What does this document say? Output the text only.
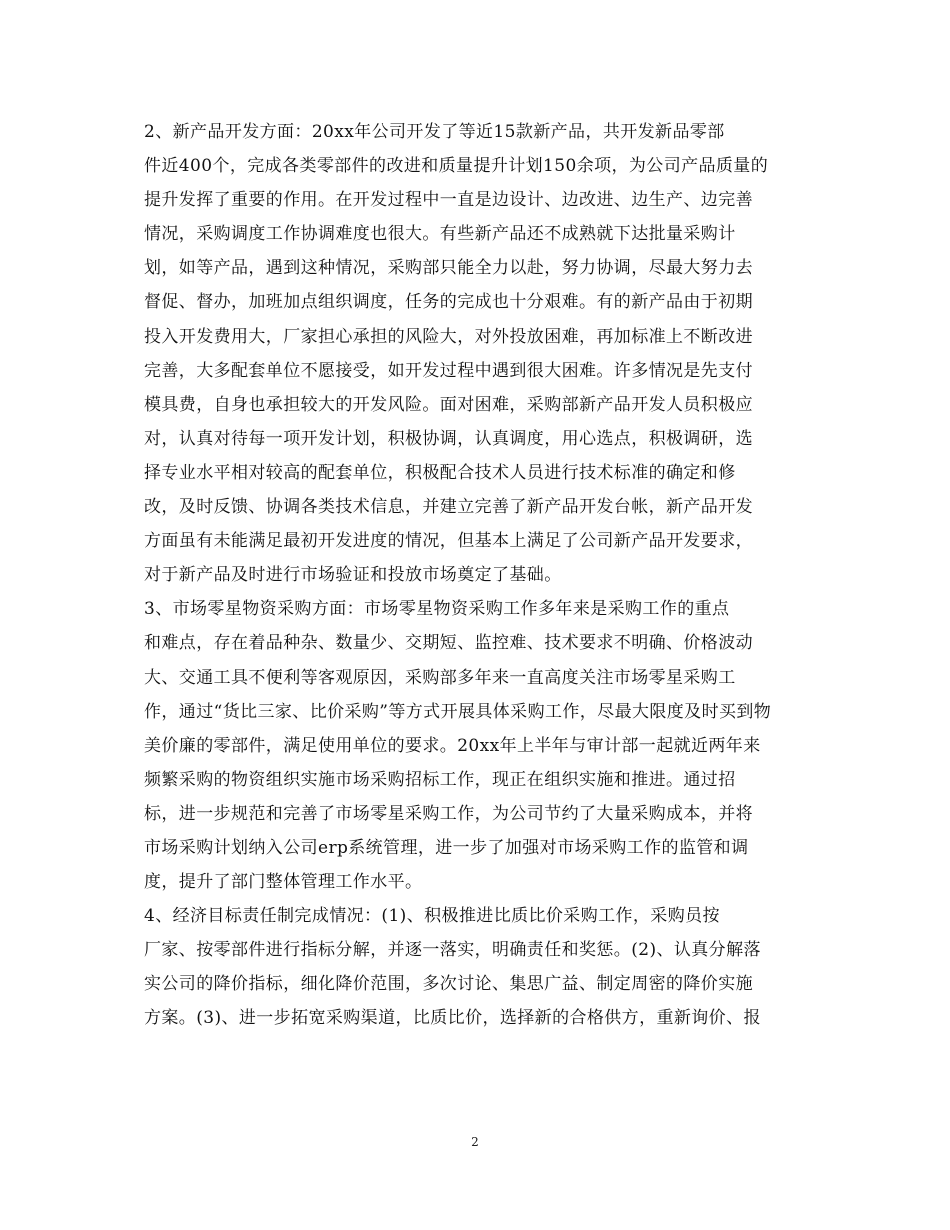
2、新产品开发方面：20xx年公司开发了等近15款新产品，共开发新品零部
件近400个，完成各类零部件的改进和质量提升计划150余项，为公司产品质量的
提升发挥了重要的作用。在开发过程中一直是边设计、边改进、边生产、边完善
情况，采购调度工作协调难度也很大。有些新产品还不成熟就下达批量采购计
划，如等产品，遇到这种情况，采购部只能全力以赴，努力协调，尽最大努力去
督促、督办，加班加点组织调度，任务的完成也十分艰难。有的新产品由于初期
投入开发费用大，厂家担心承担的风险大，对外投放困难，再加标准上不断改进
完善，大多配套单位不愿接受，如开发过程中遇到很大困难。许多情况是先支付
模具费，自身也承担较大的开发风险。面对困难，采购部新产品开发人员积极应
对，认真对待每一项开发计划，积极协调，认真调度，用心选点，积极调研，选
择专业水平相对较高的配套单位，积极配合技术人员进行技术标准的确定和修
改，及时反馈、协调各类技术信息，并建立完善了新产品开发台帐，新产品开发
方面虽有未能满足最初开发进度的情况，但基本上满足了公司新产品开发要求，
对于新产品及时进行市场验证和投放市场奠定了基础。

3、市场零星物资采购方面：市场零星物资采购工作多年来是采购工作的重点
和难点，存在着品种杂、数量少、交期短、监控难、技术要求不明确、价格波动
大、交通工具不便利等客观原因，采购部多年来一直高度关注市场零星采购工
作，通过“货比三家、比价采购”等方式开展具体采购工作，尽最大限度及时买到物
美价廉的零部件，满足使用单位的要求。20xx年上半年与审计部一起就近两年来
频繁采购的物资组织实施市场采购招标工作，现正在组织实施和推进。通过招
标，进一步规范和完善了市场零星采购工作，为公司节约了大量采购成本，并将
市场采购计划纳入公司erp系统管理，进一步了加强对市场采购工作的监管和调
度，提升了部门整体管理工作水平。

4、经济目标责任制完成情况：(1)、积极推进比质比价采购工作，采购员按
厂家、按零部件进行指标分解，并逐一落实，明确责任和奖惩。(2)、认真分解落
实公司的降价指标，细化降价范围，多次讨论、集思广益、制定周密的降价实施
方案。(3)、进一步拓宽采购渠道，比质比价，选择新的合格供方，重新询价、报

2
